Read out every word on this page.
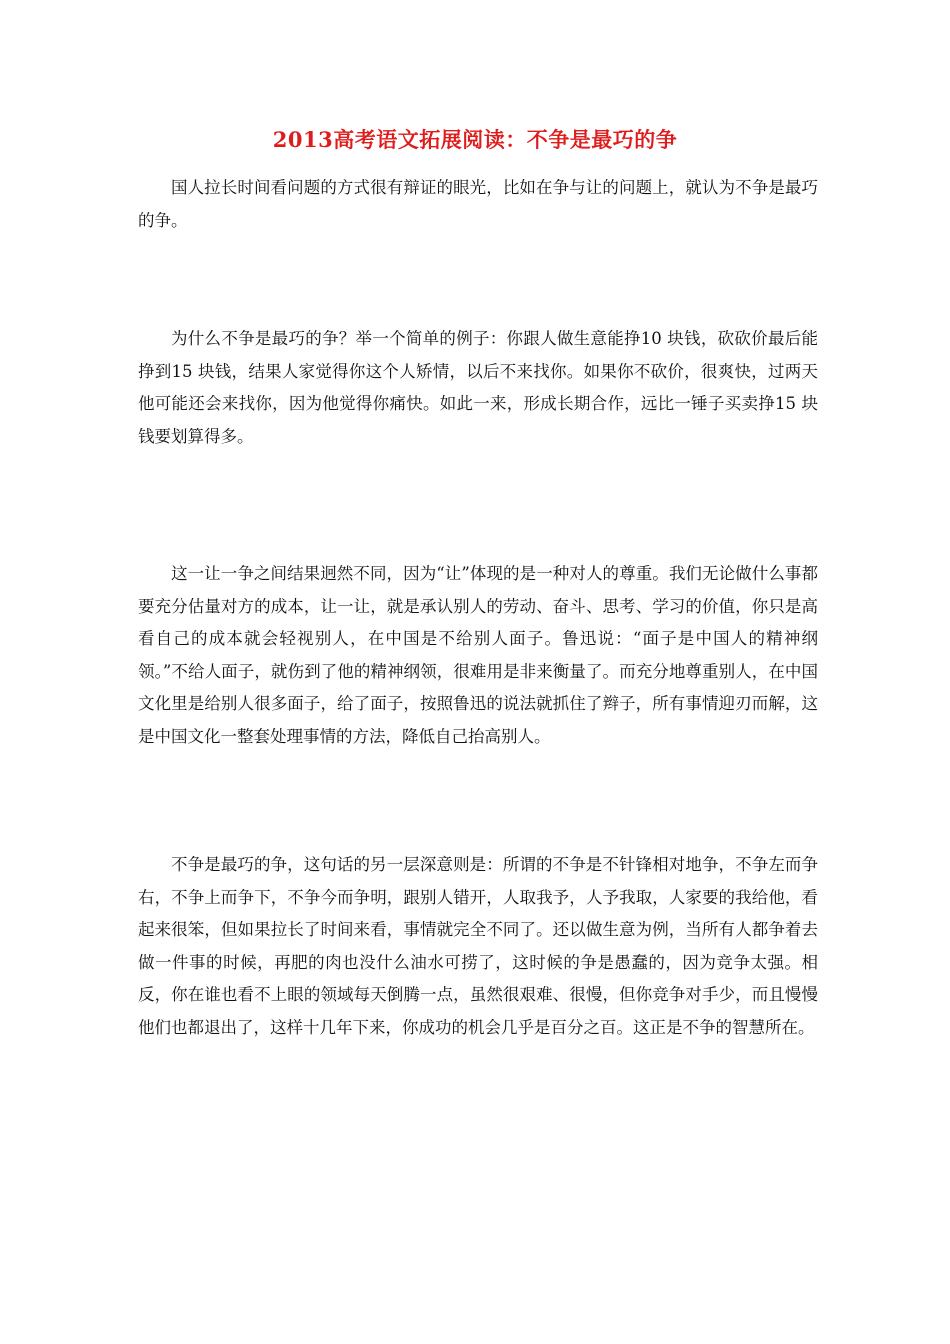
2013高考语文拓展阅读：不争是最巧的争

国人拉长时间看问题的方式很有辩证的眼光，比如在争与让的问题上，就认为不争是最巧的争。

为什么不争是最巧的争？举一个简单的例子：你跟人做生意能挣10 块钱，砍砍价最后能挣到15 块钱，结果人家觉得你这个人矫情，以后不来找你。如果你不砍价，很爽快，过两天他可能还会来找你，因为他觉得你痛快。如此一来，形成长期合作，远比一锤子买卖挣15 块钱要划算得多。

这一让一争之间结果迥然不同，因为“让”体现的是一种对人的尊重。我们无论做什么事都要充分估量对方的成本，让一让，就是承认别人的劳动、奋斗、思考、学习的价值，你只是高看自己的成本就会轻视别人，在中国是不给别人面子。鲁迅说：“面子是中国人的精神纲领。”不给人面子，就伤到了他的精神纲领，很难用是非来衡量了。而充分地尊重别人，在中国文化里是给别人很多面子，给了面子，按照鲁迅的说法就抓住了辫子，所有事情迎刃而解，这是中国文化一整套处理事情的方法，降低自己抬高别人。

不争是最巧的争，这句话的另一层深意则是：所谓的不争是不针锋相对地争，不争左而争右，不争上而争下，不争今而争明，跟别人错开，人取我予，人予我取，人家要的我给他，看起来很笨，但如果拉长了时间来看，事情就完全不同了。还以做生意为例，当所有人都争着去做一件事的时候，再肥的肉也没什么油水可捞了，这时候的争是愚蠢的，因为竞争太强。相反，你在谁也看不上眼的领域每天倒腾一点，虽然很艰难、很慢，但你竞争对手少，而且慢慢他们也都退出了，这样十几年下来，你成功的机会几乎是百分之百。这正是不争的智慧所在。
